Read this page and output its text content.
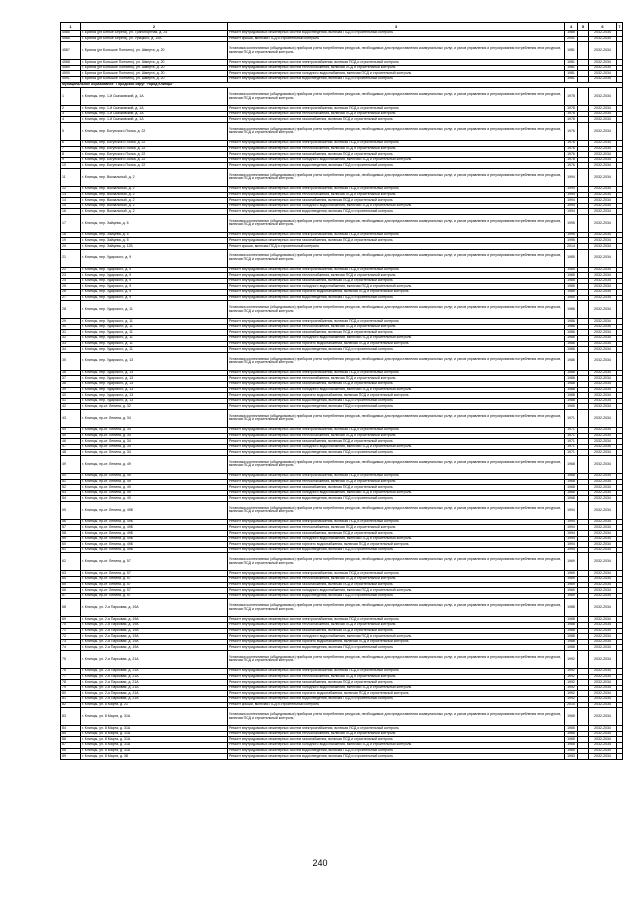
1	2	3	4	5	6	7
4585	г. Брянск (рп Белые Берега), ул. Транспортная, д. 24	Ремонт внутридомовых инженерных систем водоотведения, включая ПСД и строительный контроль	1985		2032-2034	
4586	г. Брянск (рп Белые Берега), ул. Урицкого, д. 10А	Ремонт крыши, включая ПСД и строительный контроль	2001		2032-2034	
4587	г. Брянск (рп Большое Полпино), ул. Шмерта, д. 20	Установка коллективных (общедомовых) приборов учета потребления ресурсов, необходимых для предоставления коммунальных услуг, и узлов управления и регулирования потребления этих ресурсов, включая ПСД и строительный контроль	1981		2032-2034	
4588	г. Брянск (рп Большое Полпино), ул. Шмерта, д. 20	Ремонт внутридомовых инженерных систем электроснабжения, включая ПСД и строительный контроль	1981		2032-2034	
4589	г. Брянск (рп Большое Полпино), ул. Шмерта, д. 20	Ремонт внутридомовых инженерных систем теплоснабжения, включая ПСД и строительный контроль	1981		2032-2034	
4590	г. Брянск (рп Большое Полпино), ул. Шмерта, д. 20	Ремонт внутридомовых инженерных систем холодного водоснабжения, включая ПСД и строительный контроль	1981		2032-2034	
4591	г. Брянск (рп Большое Полпино), ул. Шмерта, д. 20	Ремонт внутридомовых инженерных систем водоотведения, включая ПСД и строительный контроль	1981		2032-2034	
Муниципальное образование "Городской округ "город Клинцы"						
1	г. Клинцы, пер. 1-й Скачковский, д. 1А	Установка коллективных (общедомовых) приборов учета потребления ресурсов, необходимых для предоставления коммунальных услуг, и узлов управления и регулирования потребления этих ресурсов, включая ПСД и строительный контроль	1978		2032-2034	
2	г. Клинцы, пер. 1-й Скачковский, д. 1А	Ремонт внутридомовых инженерных систем электроснабжения, включая ПСД и строительный контроль	1978		2032-2034	
3	г. Клинцы, пер. 1-й Скачковский, д. 1А	Ремонт внутридомовых инженерных систем теплоснабжения, включая ПСД и строительный контроль	1978		2032-2034	
4	г. Клинцы, пер. 1-й Скачковский, д. 1А	Ремонт внутридомовых инженерных систем газоснабжения, включая ПСД и строительный контроль	1978		2032-2034	
5	г. Клинцы, пер. Богунского Полка, д. 22	Установка коллективных (общедомовых) приборов учета потребления ресурсов, необходимых для предоставления коммунальных услуг, и узлов управления и регулирования потребления этих ресурсов, включая ПСД и строительный контроль	1976		2032-2034	
6	г. Клинцы, пер. Богунского Полка, д. 22	Ремонт внутридомовых инженерных систем электроснабжения, включая ПСД и строительный контроль	1976		2032-2034	
7	г. Клинцы, пер. Богунского Полка, д. 22	Ремонт внутридомовых инженерных систем теплоснабжения, включая ПСД и строительный контроль	1976		2032-2034	
8	г. Клинцы, пер. Богунского Полка, д. 22	Ремонт внутридомовых инженерных систем газоснабжения, включая ПСД и строительный контроль	1976		2032-2034	
9	г. Клинцы, пер. Богунского Полка, д. 22	Ремонт внутридомовых инженерных систем холодного водоснабжения, включая ПСД и строительный контроль	1976		2032-2034	
10	г. Клинцы, пер. Богунского Полка, д. 22	Ремонт внутридомовых инженерных систем водоотведения, включая ПСД и строительный контроль	1976		2032-2034	
11	г. Клинцы, пер. Вокзальный, д. 2	Установка коллективных (общедомовых) приборов учета потребления ресурсов, необходимых для предоставления коммунальных услуг, и узлов управления и регулирования потребления этих ресурсов, включая ПСД и строительный контроль	1994		2032-2034	
12	г. Клинцы, пер. Вокзальный, д. 2	Ремонт внутридомовых инженерных систем электроснабжения, включая ПСД и строительный контроль	1994		2032-2034	
13	г. Клинцы, пер. Вокзальный, д. 2	Ремонт внутридомовых инженерных систем теплоснабжения, включая ПСД и строительный контроль	1994		2032-2034	
14	г. Клинцы, пер. Вокзальный, д. 2	Ремонт внутридомовых инженерных систем газоснабжения, включая ПСД и строительный контроль	1994		2032-2034	
15	г. Клинцы, пер. Вокзальный, д. 2	Ремонт внутридомовых инженерных систем холодного водоснабжения, включая ПСД и строительный контроль	1994		2032-2034	
16	г. Клинцы, пер. Вокзальный, д. 2	Ремонт внутридомовых инженерных систем водоотведения, включая ПСД и строительный контроль	1994		2032-2034	
17	г. Клинцы, пер. Зайцева, д. 5	Установка коллективных (общедомовых) приборов учета потребления ресурсов, необходимых для предоставления коммунальных услуг, и узлов управления и регулирования потребления этих ресурсов, включая ПСД и строительный контроль	1995		2032-2034	
18	г. Клинцы, пер. Зайцева, д. 5	Ремонт внутридомовых инженерных систем электроснабжения, включая ПСД и строительный контроль	1995		2032-2034	
19	г. Клинцы, пер. Зайцева, д. 5	Ремонт внутридомовых инженерных систем газоснабжения, включая ПСД и строительный контроль	1995		2032-2034	
20	г. Клинцы, пер. Зайцева, д. 12Б	Ремонт крыши, включая ПСД и строительный контроль	2014		2032-2034	
21	г. Клинцы, пер. Ударского, д. 9	Установка коллективных (общедомовых) приборов учета потребления ресурсов, необходимых для предоставления коммунальных услуг, и узлов управления и регулирования потребления этих ресурсов, включая ПСД и строительный контроль	1985		2032-2034	
22	г. Клинцы, пер. Ударского, д. 9	Ремонт внутридомовых инженерных систем электроснабжения, включая ПСД и строительный контроль	1985		2032-2034	
23	г. Клинцы, пер. Ударского, д. 9	Ремонт внутридомовых инженерных систем теплоснабжения, включая ПСД и строительный контроль	1985		2032-2034	
24	г. Клинцы, пер. Ударского, д. 9	Ремонт внутридомовых инженерных систем газоснабжения, включая ПСД и строительный контроль	1985		2032-2034	
25	г. Клинцы, пер. Ударского, д. 9	Ремонт внутридомовых инженерных систем холодного водоснабжения, включая ПСД и строительный контроль	1985		2032-2034	
26	г. Клинцы, пер. Ударского, д. 9	Ремонт внутридомовых инженерных систем горячего водоснабжения, включая ПСД и строительный контроль	1985		2032-2034	
27	г. Клинцы, пер. Ударского, д. 9	Ремонт внутридомовых инженерных систем водоотведения, включая ПСД и строительный контроль	1985		2032-2034	
28	г. Клинцы, пер. Ударского, д. 11	Установка коллективных (общедомовых) приборов учета потребления ресурсов, необходимых для предоставления коммунальных услуг, и узлов управления и регулирования потребления этих ресурсов, включая ПСД и строительный контроль	1986		2032-2034	
29	г. Клинцы, пер. Ударского, д. 11	Ремонт внутридомовых инженерных систем электроснабжения, включая ПСД и строительный контроль	1986		2032-2034	
30	г. Клинцы, пер. Ударского, д. 11	Ремонт внутридомовых инженерных систем теплоснабжения, включая ПСД и строительный контроль	1986		2032-2034	
31	г. Клинцы, пер. Ударского, д. 11	Ремонт внутридомовых инженерных систем газоснабжения, включая ПСД и строительный контроль	1986		2032-2034	
32	г. Клинцы, пер. Ударского, д. 11	Ремонт внутридомовых инженерных систем холодного водоснабжения, включая ПСД и строительный контроль	1986		2032-2034	
33	г. Клинцы, пер. Ударского, д. 11	Ремонт внутридомовых инженерных систем горячего водоснабжения, включая ПСД и строительный контроль	1986		2032-2034	
34	г. Клинцы, пер. Ударского, д. 11	Ремонт внутридомовых инженерных систем водоотведения, включая ПСД и строительный контроль	1986		2032-2034	
35	г. Клинцы, пер. Ударского, д. 13	Установка коллективных (общедомовых) приборов учета потребления ресурсов, необходимых для предоставления коммунальных услуг, и узлов управления и регулирования потребления этих ресурсов, включая ПСД и строительный контроль	1988		2032-2034	
36	г. Клинцы, пер. Ударского, д. 13	Ремонт внутридомовых инженерных систем электроснабжения, включая ПСД и строительный контроль	1988		2032-2034	
37	г. Клинцы, пер. Ударского, д. 13	Ремонт внутридомовых инженерных систем теплоснабжения, включая ПСД и строительный контроль	1988		2032-2034	
38	г. Клинцы, пер. Ударского, д. 13	Ремонт внутридомовых инженерных систем газоснабжения, включая ПСД и строительный контроль	1988		2032-2034	
39	г. Клинцы, пер. Ударского, д. 13	Ремонт внутридомовых инженерных систем холодного водоснабжения, включая ПСД и строительный контроль	1988		2032-2034	
40	г. Клинцы, пер. Ударского, д. 13	Ремонт внутридомовых инженерных систем горячего водоснабжения, включая ПСД и строительный контроль	1988		2032-2034	
41	г. Клинцы, пер. Ударского, д. 13	Ремонт внутридомовых инженерных систем водоотведения, включая ПСД и строительный контроль	1988		2032-2034	
42	г. Клинцы, пр-кт. Ленина, д. 32	Ремонт внутридомовых инженерных систем водоотведения, включая ПСД и строительный контроль	1965		2032-2034	
43	г. Клинцы, пр-кт. Ленина, д. 34	Установка коллективных (общедомовых) приборов учета потребления ресурсов, необходимых для предоставления коммунальных услуг, и узлов управления и регулирования потребления этих ресурсов, включая ПСД и строительный контроль	1971		2032-2034	
44	г. Клинцы, пр-кт. Ленина, д. 34	Ремонт внутридомовых инженерных систем электроснабжения, включая ПСД и строительный контроль	1971		2032-2034	
45	г. Клинцы, пр-кт. Ленина, д. 34	Ремонт внутридомовых инженерных систем теплоснабжения, включая ПСД и строительный контроль	1971		2032-2034	
46	г. Клинцы, пр-кт. Ленина, д. 34	Ремонт внутридомовых инженерных систем газоснабжения, включая ПСД и строительный контроль	1971		2032-2034	
47	г. Клинцы, пр-кт. Ленина, д. 34	Ремонт внутридомовых инженерных систем холодного водоснабжения, включая ПСД и строительный контроль	1971		2032-2034	
48	г. Клинцы, пр-кт. Ленина, д. 34	Ремонт внутридомовых инженерных систем водоотведения, включая ПСД и строительный контроль	1971		2032-2034	
49	г. Клинцы, пр-кт. Ленина, д. 49	Установка коллективных (общедомовых) приборов учета потребления ресурсов, необходимых для предоставления коммунальных услуг, и узлов управления и регулирования потребления этих ресурсов, включая ПСД и строительный контроль	1968		2032-2034	
50	г. Клинцы, пр-кт. Ленина, д. 49	Ремонт внутридомовых инженерных систем электроснабжения, включая ПСД и строительный контроль	1968		2032-2034	
51	г. Клинцы, пр-кт. Ленина, д. 49	Ремонт внутридомовых инженерных систем теплоснабжения, включая ПСД и строительный контроль	1968		2032-2034	
52	г. Клинцы, пр-кт. Ленина, д. 49	Ремонт внутридомовых инженерных систем газоснабжения, включая ПСД и строительный контроль	1968		2032-2034	
53	г. Клинцы, пр-кт. Ленина, д. 49	Ремонт внутридомовых инженерных систем холодного водоснабжения, включая ПСД и строительный контроль	1968		2032-2034	
54	г. Клинцы, пр-кт. Ленина, д. 49	Ремонт внутридомовых инженерных систем водоотведения, включая ПСД и строительный контроль	1968		2032-2034	
55	г. Клинцы, пр-кт. Ленина, д. 49Б	Установка коллективных (общедомовых) приборов учета потребления ресурсов, необходимых для предоставления коммунальных услуг, и узлов управления и регулирования потребления этих ресурсов, включая ПСД и строительный контроль	1994		2032-2034	
56	г. Клинцы, пр-кт. Ленина, д. 49Б	Ремонт внутридомовых инженерных систем электроснабжения, включая ПСД и строительный контроль	1994		2032-2034	
57	г. Клинцы, пр-кт. Ленина, д. 49Б	Ремонт внутридомовых инженерных систем теплоснабжения, включая ПСД и строительный контроль	1994		2032-2034	
58	г. Клинцы, пр-кт. Ленина, д. 49Б	Ремонт внутридомовых инженерных систем газоснабжения, включая ПСД и строительный контроль	1994		2032-2034	
59	г. Клинцы, пр-кт. Ленина, д. 49Б	Ремонт внутридомовых инженерных систем холодного водоснабжения, включая ПСД и строительный контроль	1994		2032-2034	
60	г. Клинцы, пр-кт. Ленина, д. 49Б	Ремонт внутридомовых инженерных систем горячего водоснабжения, включая ПСД и строительный контроль	1994		2032-2034	
61	г. Клинцы, пр-кт. Ленина, д. 49Б	Ремонт внутридомовых инженерных систем водоотведения, включая ПСД и строительный контроль	1994		2032-2034	
62	г. Клинцы, пр-кт. Ленина, д. 57	Установка коллективных (общедомовых) приборов учета потребления ресурсов, необходимых для предоставления коммунальных услуг, и узлов управления и регулирования потребления этих ресурсов, включая ПСД и строительный контроль	1969		2032-2034	
63	г. Клинцы, пр-кт. Ленина, д. 57	Ремонт внутридомовых инженерных систем электроснабжения, включая ПСД и строительный контроль	1969		2032-2034	
64	г. Клинцы, пр-кт. Ленина, д. 57	Ремонт внутридомовых инженерных систем теплоснабжения, включая ПСД и строительный контроль	1969		2032-2034	
65	г. Клинцы, пр-кт. Ленина, д. 57	Ремонт внутридомовых инженерных систем газоснабжения, включая ПСД и строительный контроль	1969		2032-2034	
66	г. Клинцы, пр-кт. Ленина, д. 57	Ремонт внутридомовых инженерных систем холодного водоснабжения, включая ПСД и строительный контроль	1969		2032-2034	
67	г. Клинцы, пр-кт. Ленина, д. 57	Ремонт внутридомовых инженерных систем водоотведения, включая ПСД и строительный контроль	1969		2032-2034	
68	г. Клинцы, ул. 2-я Парковая, д. 19А	Установка коллективных (общедомовых) приборов учета потребления ресурсов, необходимых для предоставления коммунальных услуг, и узлов управления и регулирования потребления этих ресурсов, включая ПСД и строительный контроль	1988		2032-2034	
69	г. Клинцы, ул. 2-я Парковая, д. 19А	Ремонт внутридомовых инженерных систем электроснабжения, включая ПСД и строительный контроль	1988		2032-2034	
70	г. Клинцы, ул. 2-я Парковая, д. 19А	Ремонт внутридомовых инженерных систем теплоснабжения, включая ПСД и строительный контроль	1988		2032-2034	
71	г. Клинцы, ул. 2-я Парковая, д. 19А	Ремонт внутридомовых инженерных систем газоснабжения, включая ПСД и строительный контроль	1988		2032-2034	
72	г. Клинцы, ул. 2-я Парковая, д. 19А	Ремонт внутридомовых инженерных систем холодного водоснабжения, включая ПСД и строительный контроль	1988		2032-2034	
73	г. Клинцы, ул. 2-я Парковая, д. 19А	Ремонт внутридомовых инженерных систем горячего водоснабжения, включая ПСД и строительный контроль	1988		2032-2034	
74	г. Клинцы, ул. 2-я Парковая, д. 19А	Ремонт внутридомовых инженерных систем водоотведения, включая ПСД и строительный контроль	1988		2032-2034	
75	г. Клинцы, ул. 2-я Парковая, д. 21А	Установка коллективных (общедомовых) приборов учета потребления ресурсов, необходимых для предоставления коммунальных услуг, и узлов управления и регулирования потребления этих ресурсов, включая ПСД и строительный контроль	1992		2032-2034	
76	г. Клинцы, ул. 2-я Парковая, д. 21А	Ремонт внутридомовых инженерных систем электроснабжения, включая ПСД и строительный контроль	1992		2032-2034	
77	г. Клинцы, ул. 2-я Парковая, д. 21А	Ремонт внутридомовых инженерных систем теплоснабжения, включая ПСД и строительный контроль	1992		2032-2034	
78	г. Клинцы, ул. 2-я Парковая, д. 21А	Ремонт внутридомовых инженерных систем газоснабжения, включая ПСД и строительный контроль	1992		2032-2034	
79	г. Клинцы, ул. 2-я Парковая, д. 21А	Ремонт внутридомовых инженерных систем холодного водоснабжения, включая ПСД и строительный контроль	1992		2032-2034	
80	г. Клинцы, ул. 2-я Парковая, д. 21А	Ремонт внутридомовых инженерных систем горячего водоснабжения, включая ПСД и строительный контроль	1992		2032-2034	
81	г. Клинцы, ул. 2-я Парковая, д. 21А	Ремонт внутридомовых инженерных систем водоотведения, включая ПСД и строительный контроль	1992		2032-2034	
82	г. Клинцы, ул. 8 Марта, д. 21	Ремонт крыши, включая ПСД и строительный контроль	2014		2032-2034	
83	г. Клинцы, ул. 8 Марта, д. 31А	Установка коллективных (общедомовых) приборов учета потребления ресурсов, необходимых для предоставления коммунальных услуг, и узлов управления и регулирования потребления этих ресурсов, включая ПСД и строительный контроль	1965		2032-2034	
84	г. Клинцы, ул. 8 Марта, д. 31А	Ремонт внутридомовых инженерных систем электроснабжения, включая ПСД и строительный контроль	1965		2032-2034	
85	г. Клинцы, ул. 8 Марта, д. 31А	Ремонт внутридомовых инженерных систем теплоснабжения, включая ПСД и строительный контроль	1965		2032-2034	
86	г. Клинцы, ул. 8 Марта, д. 31А	Ремонт внутридомовых инженерных систем газоснабжения, включая ПСД и строительный контроль	1965		2032-2034	
87	г. Клинцы, ул. 8 Марта, д. 31А	Ремонт внутридомовых инженерных систем холодного водоснабжения, включая ПСД и строительный контроль	1965		2032-2034	
88	г. Клинцы, ул. 8 Марта, д. 31А	Ремонт внутридомовых инженерных систем водоотведения, включая ПСД и строительный контроль	1965		2032-2034	
89	г. Клинцы, ул. 8 Марта, д. 38	Ремонт внутридомовых инженерных систем водоотведения, включая ПСД и строительный контроль	1953		2032-2034	
240
